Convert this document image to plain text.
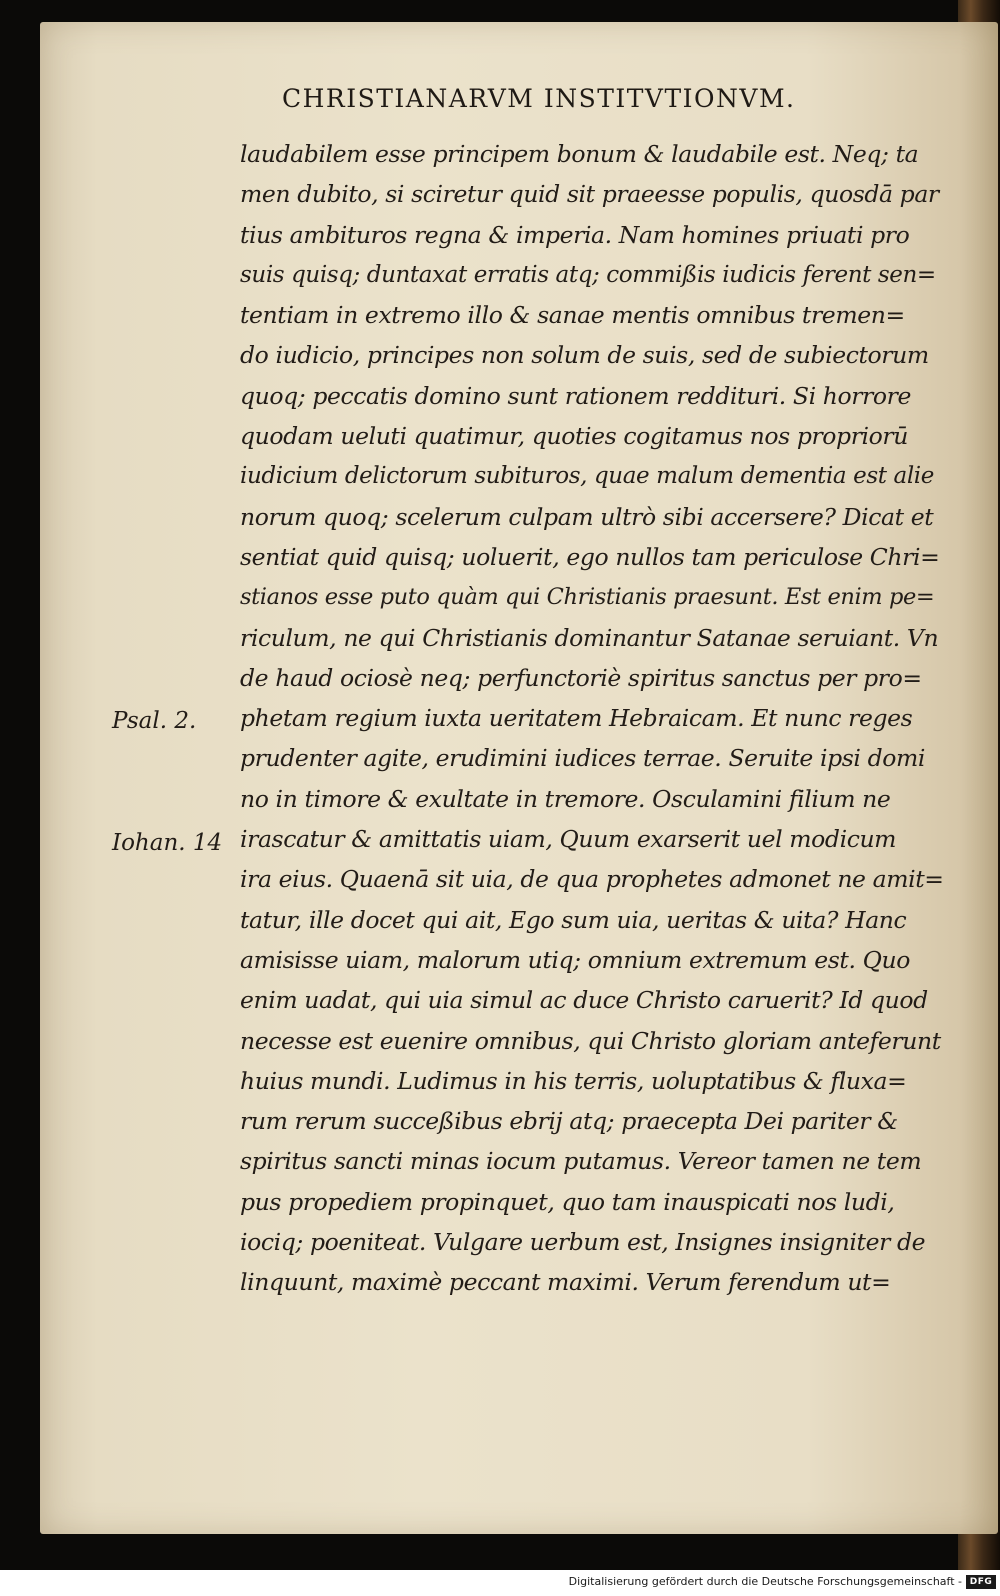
CHRISTIANARVM INSTITVTIONVM.

Psal. 2.

Iohan. 14

laudabilem esse principem bonum & laudabile est. Neq; ta
men dubito, si sciretur quid sit praeesse populis, quosdā par
tius ambituros regna & imperia. Nam homines priuati pro
suis quisq; duntaxat erratis atq; commißis iudicis ferent sen=
tentiam in extremo illo & sanae mentis omnibus tremen=
do iudicio, principes non solum de suis, sed de subiectorum
quoq; peccatis domino sunt rationem reddituri. Si horrore
quodam ueluti quatimur, quoties cogitamus nos propriorū
iudicium delictorum subituros, quae malum dementia est alie
norum quoq; scelerum culpam ultrò sibi accersere? Dicat et
sentiat quid quisq; uoluerit, ego nullos tam periculose Chri=
stianos esse puto quàm qui Christianis praesunt. Est enim pe=
riculum, ne qui Christianis dominantur Satanae seruiant. Vn
de haud ociosè neq; perfunctoriè spiritus sanctus per pro=
phetam regium iuxta ueritatem Hebraicam. Et nunc reges
prudenter agite, erudimini iudices terrae. Seruite ipsi domi
no in timore & exultate in tremore. Osculamini filium ne
irascatur & amittatis uiam, Quum exarserit uel modicum
ira eius. Quaenā sit uia, de qua prophetes admonet ne amit=
tatur, ille docet qui ait, Ego sum uia, ueritas & uita? Hanc
amisisse uiam, malorum utiq; omnium extremum est. Quo
enim uadat, qui uia simul ac duce Christo caruerit? Id quod
necesse est euenire omnibus, qui Christo gloriam anteferunt
huius mundi. Ludimus in his terris, uoluptatibus & fluxa=
rum rerum succeßibus ebrij atq; praecepta Dei pariter &
spiritus sancti minas iocum putamus. Vereor tamen ne tem
pus propediem propinquet, quo tam inauspicati nos ludi,
iociq; poeniteat. Vulgare uerbum est, Insignes insigniter de
linquunt, maximè peccant maximi. Verum ferendum ut=
Digitalisierung gefördert durch die Deutsche Forschungsgemeinschaft - DFG
